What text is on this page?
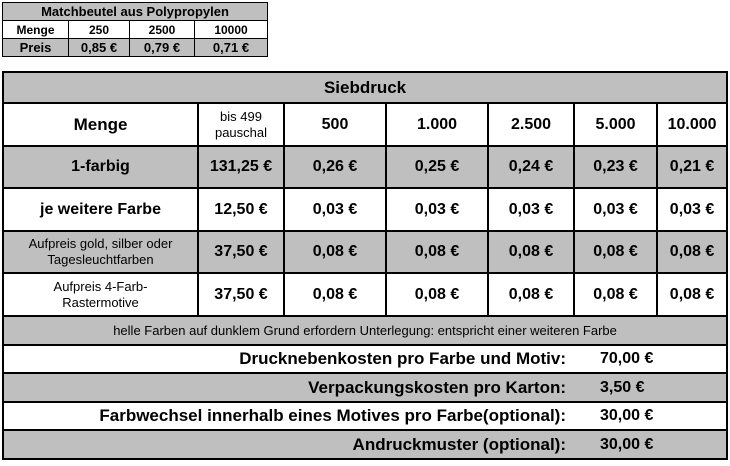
Matchbeutel aus Polypropylen			
Menge	250	2500	10000
Preis	0,85 €	0,79 €	0,71 €
Siebdruck						
Menge	bis 499 pauschal	500	1.000	2.500	5.000	10.000
1-farbig	131,25 €	0,26 €	0,25 €	0,24 €	0,23 €	0,21 €
je weitere Farbe	12,50 €	0,03 €	0,03 €	0,03 €	0,03 €	0,03 €
Aufpreis gold, silber oder Tagesleuchtfarben	37,50 €	0,08 €	0,08 €	0,08 €	0,08 €	0,08 €
Aufpreis 4-Farb-Rastermotive	37,50 €	0,08 €	0,08 €	0,08 €	0,08 €	0,08 €
helle Farben auf dunklem Grund erfordern Unterlegung: entspricht einer weiteren Farbe						
Drucknebenkosten pro Farbe und Motiv:					70,00 €	
Verpackungskosten pro Karton:					3,50 €	
Farbwechsel innerhalb eines Motives pro Farbe(optional):					30,00 €	
Andruckmuster (optional):					30,00 €	
